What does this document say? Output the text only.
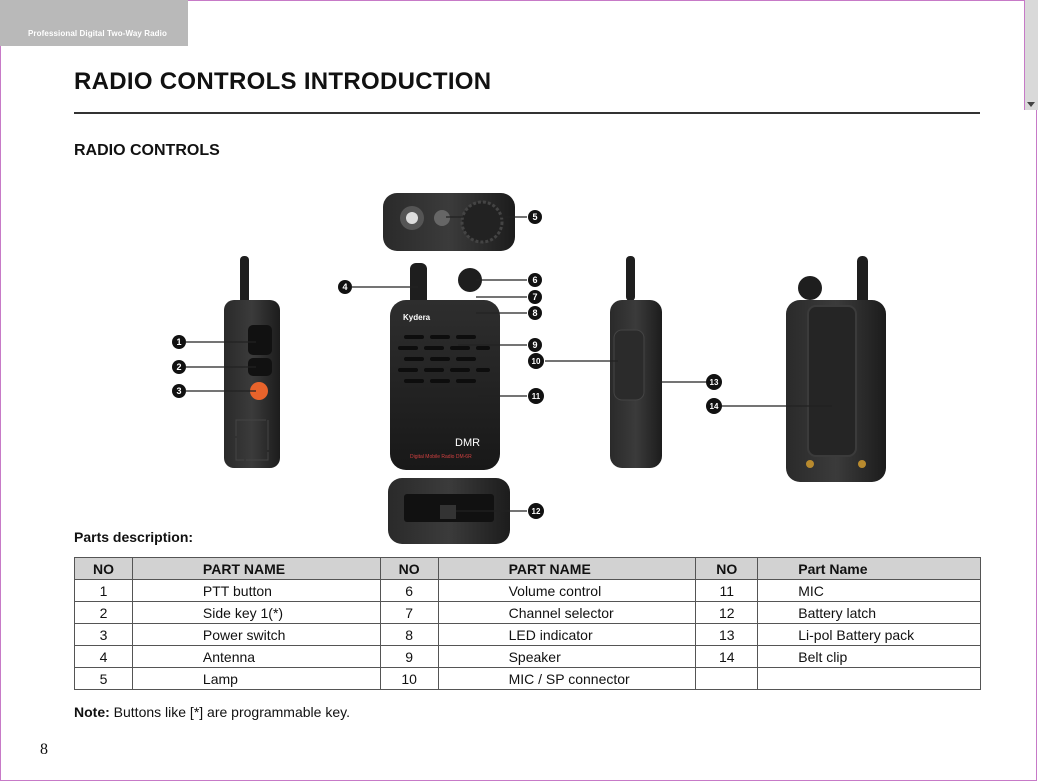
Professional Digital Two-Way Radio
RADIO CONTROLS INTRODUCTION
RADIO CONTROLS
Kydera
DMR
Digital Mobile Radio DM-6R
1
2
3
4
5
6
7
8
9
10
11
12
13
14
Parts description:
NO	PART NAME	NO	PART NAME	NO	Part Name
1	PTT button	6	Volume control	11	MIC
2	Side key 1(*)	7	Channel selector	12	Battery latch
3	Power switch	8	LED indicator	13	Li-pol Battery pack
4	Antenna	9	Speaker	14	Belt clip
5	Lamp	10	MIC / SP connector		
Note: Buttons like [*] are programmable key.
8
